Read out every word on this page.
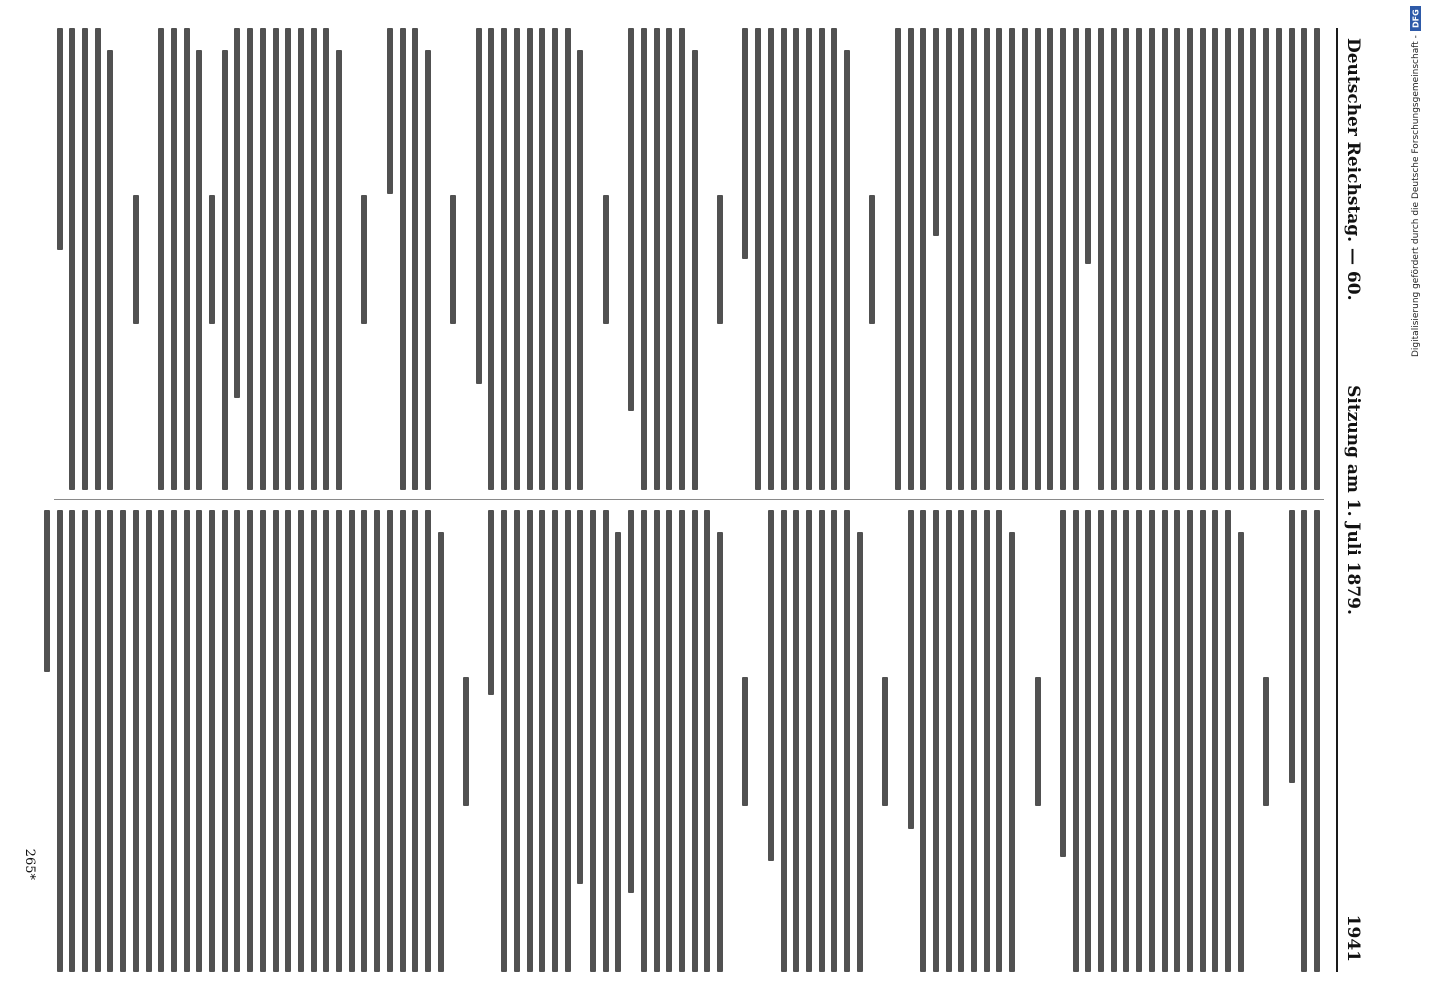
Deutscher Reichstag. — 60.
Sitzung am 1. Juli 1879.
1941
265*
Digitalisierung gefördert durch die Deutsche Forschungsgemeinschaft -
DFG
